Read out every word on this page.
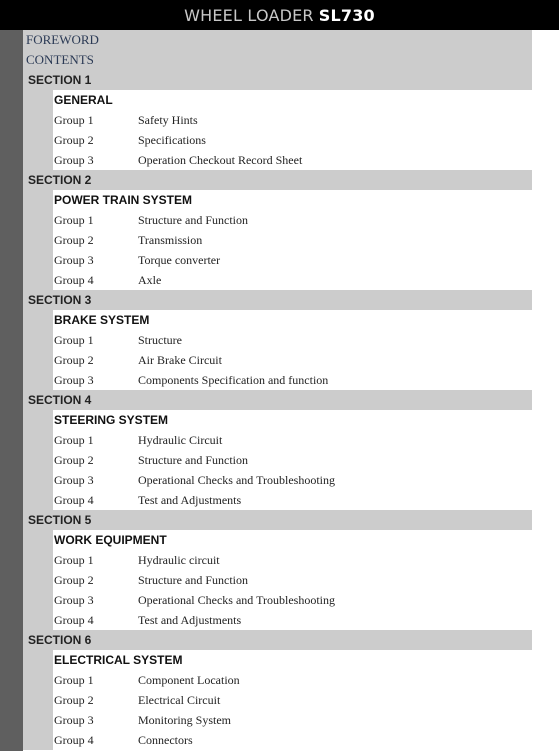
WHEEL LOADER SL730
FOREWORD
CONTENTS
SECTION 1
GENERAL
Group 1	Safety Hints
Group 2	Specifications
Group 3	Operation Checkout Record Sheet
SECTION 2
POWER TRAIN SYSTEM
Group 1	Structure and Function
Group 2	Transmission
Group 3	Torque converter
Group 4	Axle
SECTION 3
BRAKE SYSTEM
Group 1	Structure
Group 2	Air Brake Circuit
Group 3	Components Specification and function
SECTION 4
STEERING SYSTEM
Group 1	Hydraulic Circuit
Group 2	Structure and Function
Group 3	Operational Checks and Troubleshooting
Group 4	Test and Adjustments
SECTION 5
WORK EQUIPMENT
Group 1	Hydraulic circuit
Group 2	Structure and Function
Group 3	Operational Checks and Troubleshooting
Group 4	Test and Adjustments
SECTION 6
ELECTRICAL SYSTEM
Group 1	Component Location
Group 2	Electrical Circuit
Group 3	Monitoring System
Group 4	Connectors
